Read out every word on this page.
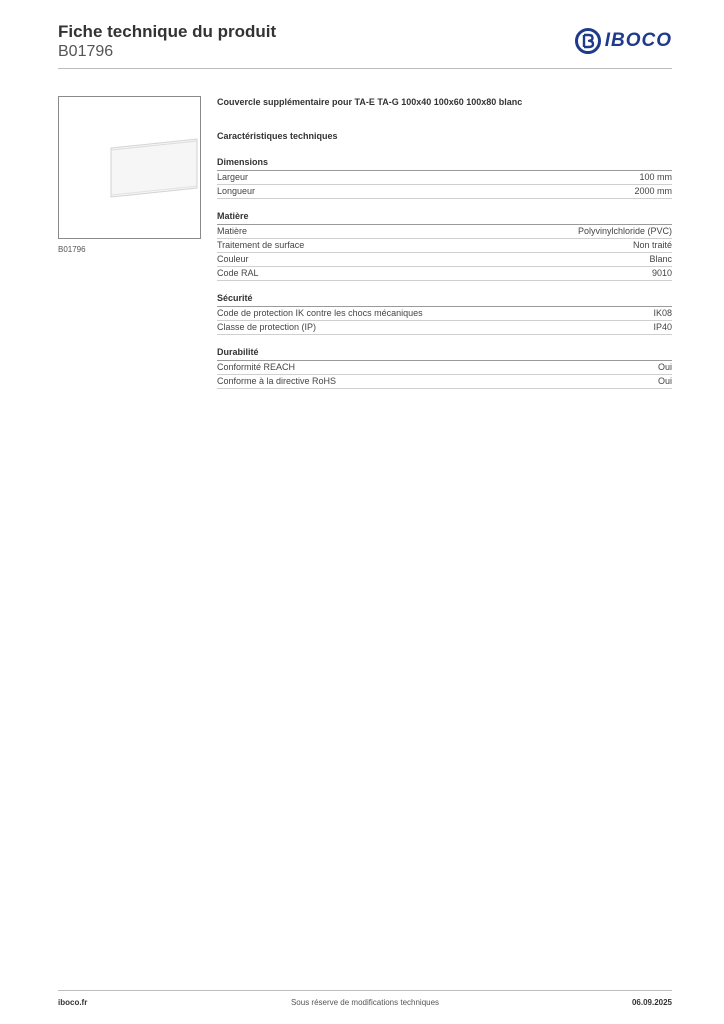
Fiche technique du produit
B01796
IBOCO
B01796
Couvercle supplémentaire pour TA-E TA-G 100x40 100x60 100x80 blanc
Caractéristiques techniques
Dimensions
Largeur	100 mm
Longueur	2000 mm
Matière
Matière	Polyvinylchloride (PVC)
Traitement de surface	Non traité
Couleur	Blanc
Code RAL	9010
Sécurité
Code de protection IK contre les chocs mécaniques	IK08
Classe de protection (IP)	IP40
Durabilité
Conformité REACH	Oui
Conforme à la directive RoHS	Oui
iboco.fr	Sous réserve de modifications techniques	06.09.2025
